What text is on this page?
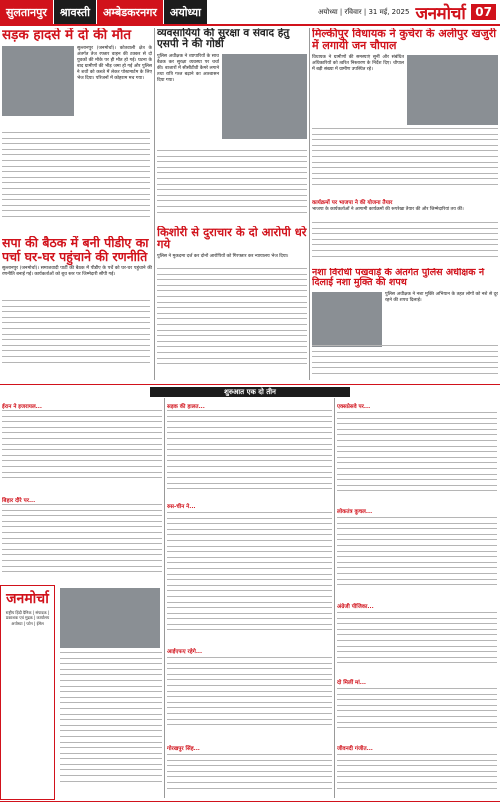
सुलतानपुर	श्रावस्ती	अम्बेडकरनगर	अयोध्या	अयोध्या | रविवार | 31 मई, 2025 जनमोर्चा 07
सड़क हादसे में दो की मौत
सुल्तानपुर (जनमोर्चा)। कोतवाली क्षेत्र के अंतर्गत तेज रफ्तार वाहन की टक्कर से दो युवकों की मौके पर ही मौत हो गई। घटना के बाद ग्रामीणों की भीड़ जमा हो गई और पुलिस ने शवों को कब्जे में लेकर पोस्टमार्टम के लिए भेज दिया। परिजनों में कोहराम मच गया।
सपा की बैठक में बनी पीडीए का पर्चा घर-घर पहुंचाने की रणनीति
सुल्तानपुर (जनमोर्चा)। समाजवादी पार्टी की बैठक में पीडीए के पर्चे को घर-घर पहुंचाने की रणनीति बनाई गई। कार्यकर्ताओं को बूथ स्तर पर जिम्मेदारी सौंपी गई।
व्यवसायियों की सुरक्षा व संवाद हेतु एसपी ने की गोष्ठी
पुलिस अधीक्षक ने व्यापारियों के साथ बैठक कर सुरक्षा व्यवस्था पर चर्चा की। बाजारों में सीसीटीवी कैमरे लगाने तथा रात्रि गश्त बढ़ाने का आश्वासन दिया गया।
किशोरी से दुराचार के दो आरोपी धरे गये
पुलिस ने मुकदमा दर्ज कर दोनों आरोपियों को गिरफ्तार कर न्यायालय भेज दिया।
मिल्कीपुर विधायक ने कुचेरा के अलीपुर खजुरी में लगायी जन चौपाल
विधायक ने ग्रामीणों की समस्याएं सुनीं और संबंधित अधिकारियों को त्वरित निस्तारण के निर्देश दिए। चौपाल में बड़ी संख्या में ग्रामीण उपस्थित रहे।
कार्यक्रमों पर भाजपा ने की योजना तैयार
भाजपा के कार्यकर्ताओं ने आगामी कार्यक्रमों की रूपरेखा तैयार की और जिम्मेदारियां तय कीं।
नशा विरोधी पखवाड़े के अंतर्गत पुलिस अधीक्षक ने दिलाई नशा मुक्ति की शपथ
पुलिस अधीक्षक ने नशा मुक्ति अभियान के तहत लोगों को नशे से दूर रहने की शपथ दिलाई।
शुरुआत एक दो तीन
ईरान ने इजरायल...
बिहार दौरे पर...
सड़क की हालत...
रुस-चीन ने...
आईएफए रहेगे...
गोरखपुर सिंह...
एक्सप्रेसवे पर...
लोकतंत्र कुचल...
अंग्रेजी पीजिका...
दो मिलीं मां...
जीवनदी गंजीत...
जनमोर्चा
राष्ट्रीय हिंदी दैनिक | संपादक | प्रकाशक एवं मुद्रक | कार्यालय अयोध्या | फोन | ईमेल
